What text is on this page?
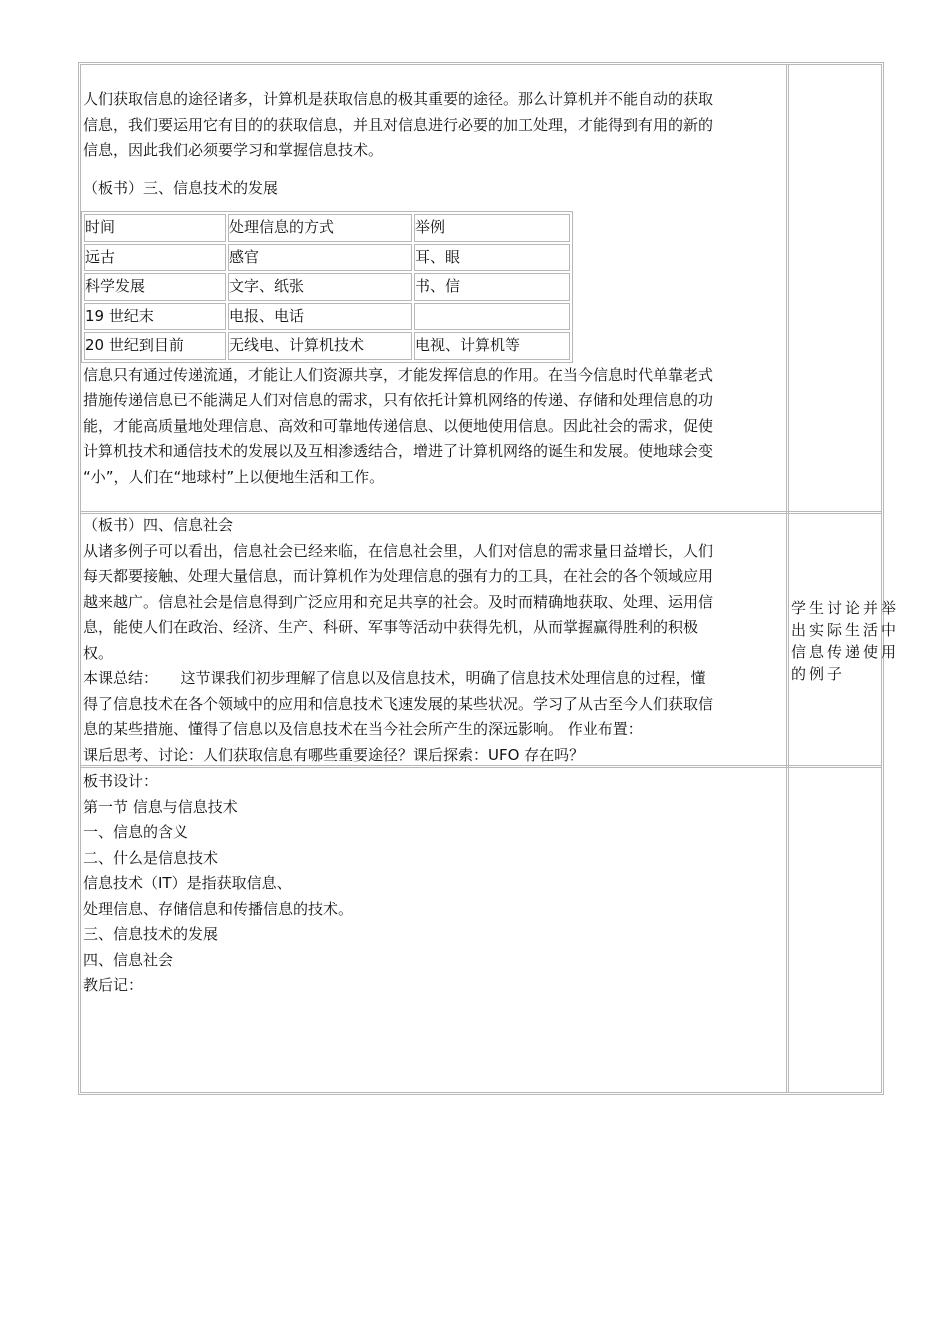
人们获取信息的途径诸多，计算机是获取信息的极其重要的途径。那么计算机并不能自动的获取

信息，我们要运用它有目的的获取信息，并且对信息进行必要的加工处理，才能得到有用的新的

信息，因此我们必须要学习和掌握信息技术。

（板书）三、信息技术的发展

时间	处理信息的方式	举例
远古	感官	耳、眼
科学发展	文字、纸张	书、信
19 世纪末	电报、电话	
20 世纪到目前	无线电、计算机技术	电视、计算机等

信息只有通过传递流通，才能让人们资源共享，才能发挥信息的作用。在当今信息时代单靠老式

措施传递信息已不能满足人们对信息的需求，只有依托计算机网络的传递、存储和处理信息的功

能，才能高质量地处理信息、高效和可靠地传递信息、以便地使用信息。因此社会的需求，促使

计算机技术和通信技术的发展以及互相渗透结合，增进了计算机网络的诞生和发展。使地球会变

“小”，人们在“地球村”上以便地生活和工作。

（板书）四、信息社会

从诸多例子可以看出，信息社会已经来临，在信息社会里，人们对信息的需求量日益增长，人们

每天都要接触、处理大量信息，而计算机作为处理信息的强有力的工具，在社会的各个领域应用

越来越广。信息社会是信息得到广泛应用和充足共享的社会。及时而精确地获取、处理、运用信

息，能使人们在政治、经济、生产、科研、军事等活动中获得先机，从而掌握赢得胜利的积极

权。

本课总结：　　这节课我们初步理解了信息以及信息技术，明确了信息技术处理信息的过程，懂

得了信息技术在各个领域中的应用和信息技术飞速发展的某些状况。学习了从古至今人们获取信

息的某些措施、懂得了信息以及信息技术在当今社会所产生的深远影响。 作业布置：

课后思考、讨论：人们获取信息有哪些重要途径？课后探索：UFO 存在吗？

学生讨论并举

出实际生活中

信息传递使用

的例子

板书设计：

第一节 信息与信息技术

一、信息的含义

二、什么是信息技术

信息技术（IT）是指获取信息、

处理信息、存储信息和传播信息的技术。

三、信息技术的发展

四、信息社会

教后记：
